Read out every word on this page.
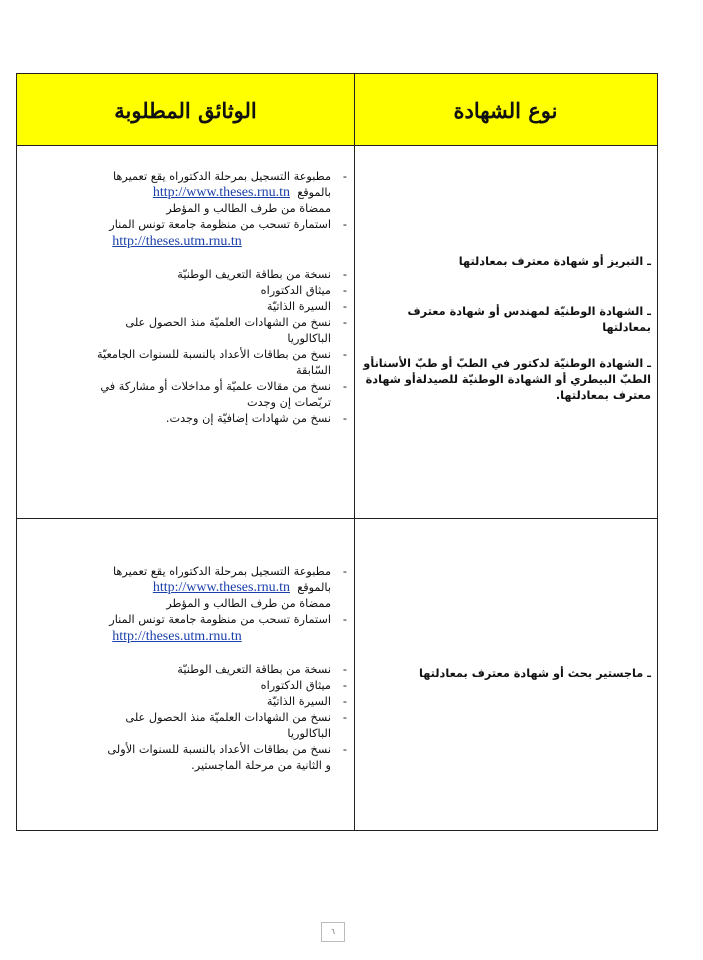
الوثائق المطلوبة	نوع الشهادة
- مطبوعة التسجيل بمرحلة الدكتوراه يقع تعميرها
بالموقع  http://www.theses.rnu.tn
ممضاة من طرف الطالب و المؤطر
- استمارة تسحب من منظومة جامعة تونس المنار
http://theses.utm.rnu.tn
- نسخة من بطاقة التعريف الوطنيّة
- ميثاق الدكتوراه
- السيرة الذاتيّة
- نسخ من الشهادات العلميّة منذ الحصول على
الباكالوريا
- نسخ من بطاقات الأعداد بالنسبة للسنوات الجامعيّة
السّابقة
- نسخ من مقالات علميّة أو مداخلات أو مشاركة في
تربّصات إن وجدت
- نسخ من شهادات إضافيّة إن وجدت.
ـ التبريز أو شهادة معترف بمعادلتها
ـ الشهادة الوطنيّة لمهندس أو شهادة معترف بمعادلتها
ـ الشهادة الوطنيّة لدكتور في الطبّ أو طبّ الأسنانأو الطبّ البيطري أو الشهادة الوطنيّة للصيدلةأو شهادة معترف بمعادلتها.
- مطبوعة التسجيل بمرحلة الدكتوراه يقع تعميرها
بالموقع  http://www.theses.rnu.tn
ممضاة من طرف الطالب و المؤطر
- استمارة تسحب من منظومة جامعة تونس المنار
http://theses.utm.rnu.tn
- نسخة من بطاقة التعريف الوطنيّة
- ميثاق الدكتوراه
- السيرة الذاتيّة
- نسخ من الشهادات العلميّة منذ الحصول على
الباكالوريا
- نسخ من بطاقات الأعداد بالنسبة للسنوات الأولى
و الثانية من مرحلة الماجستير.
ـ ماجستير بحث أو شهادة معترف بمعادلتها
٦
